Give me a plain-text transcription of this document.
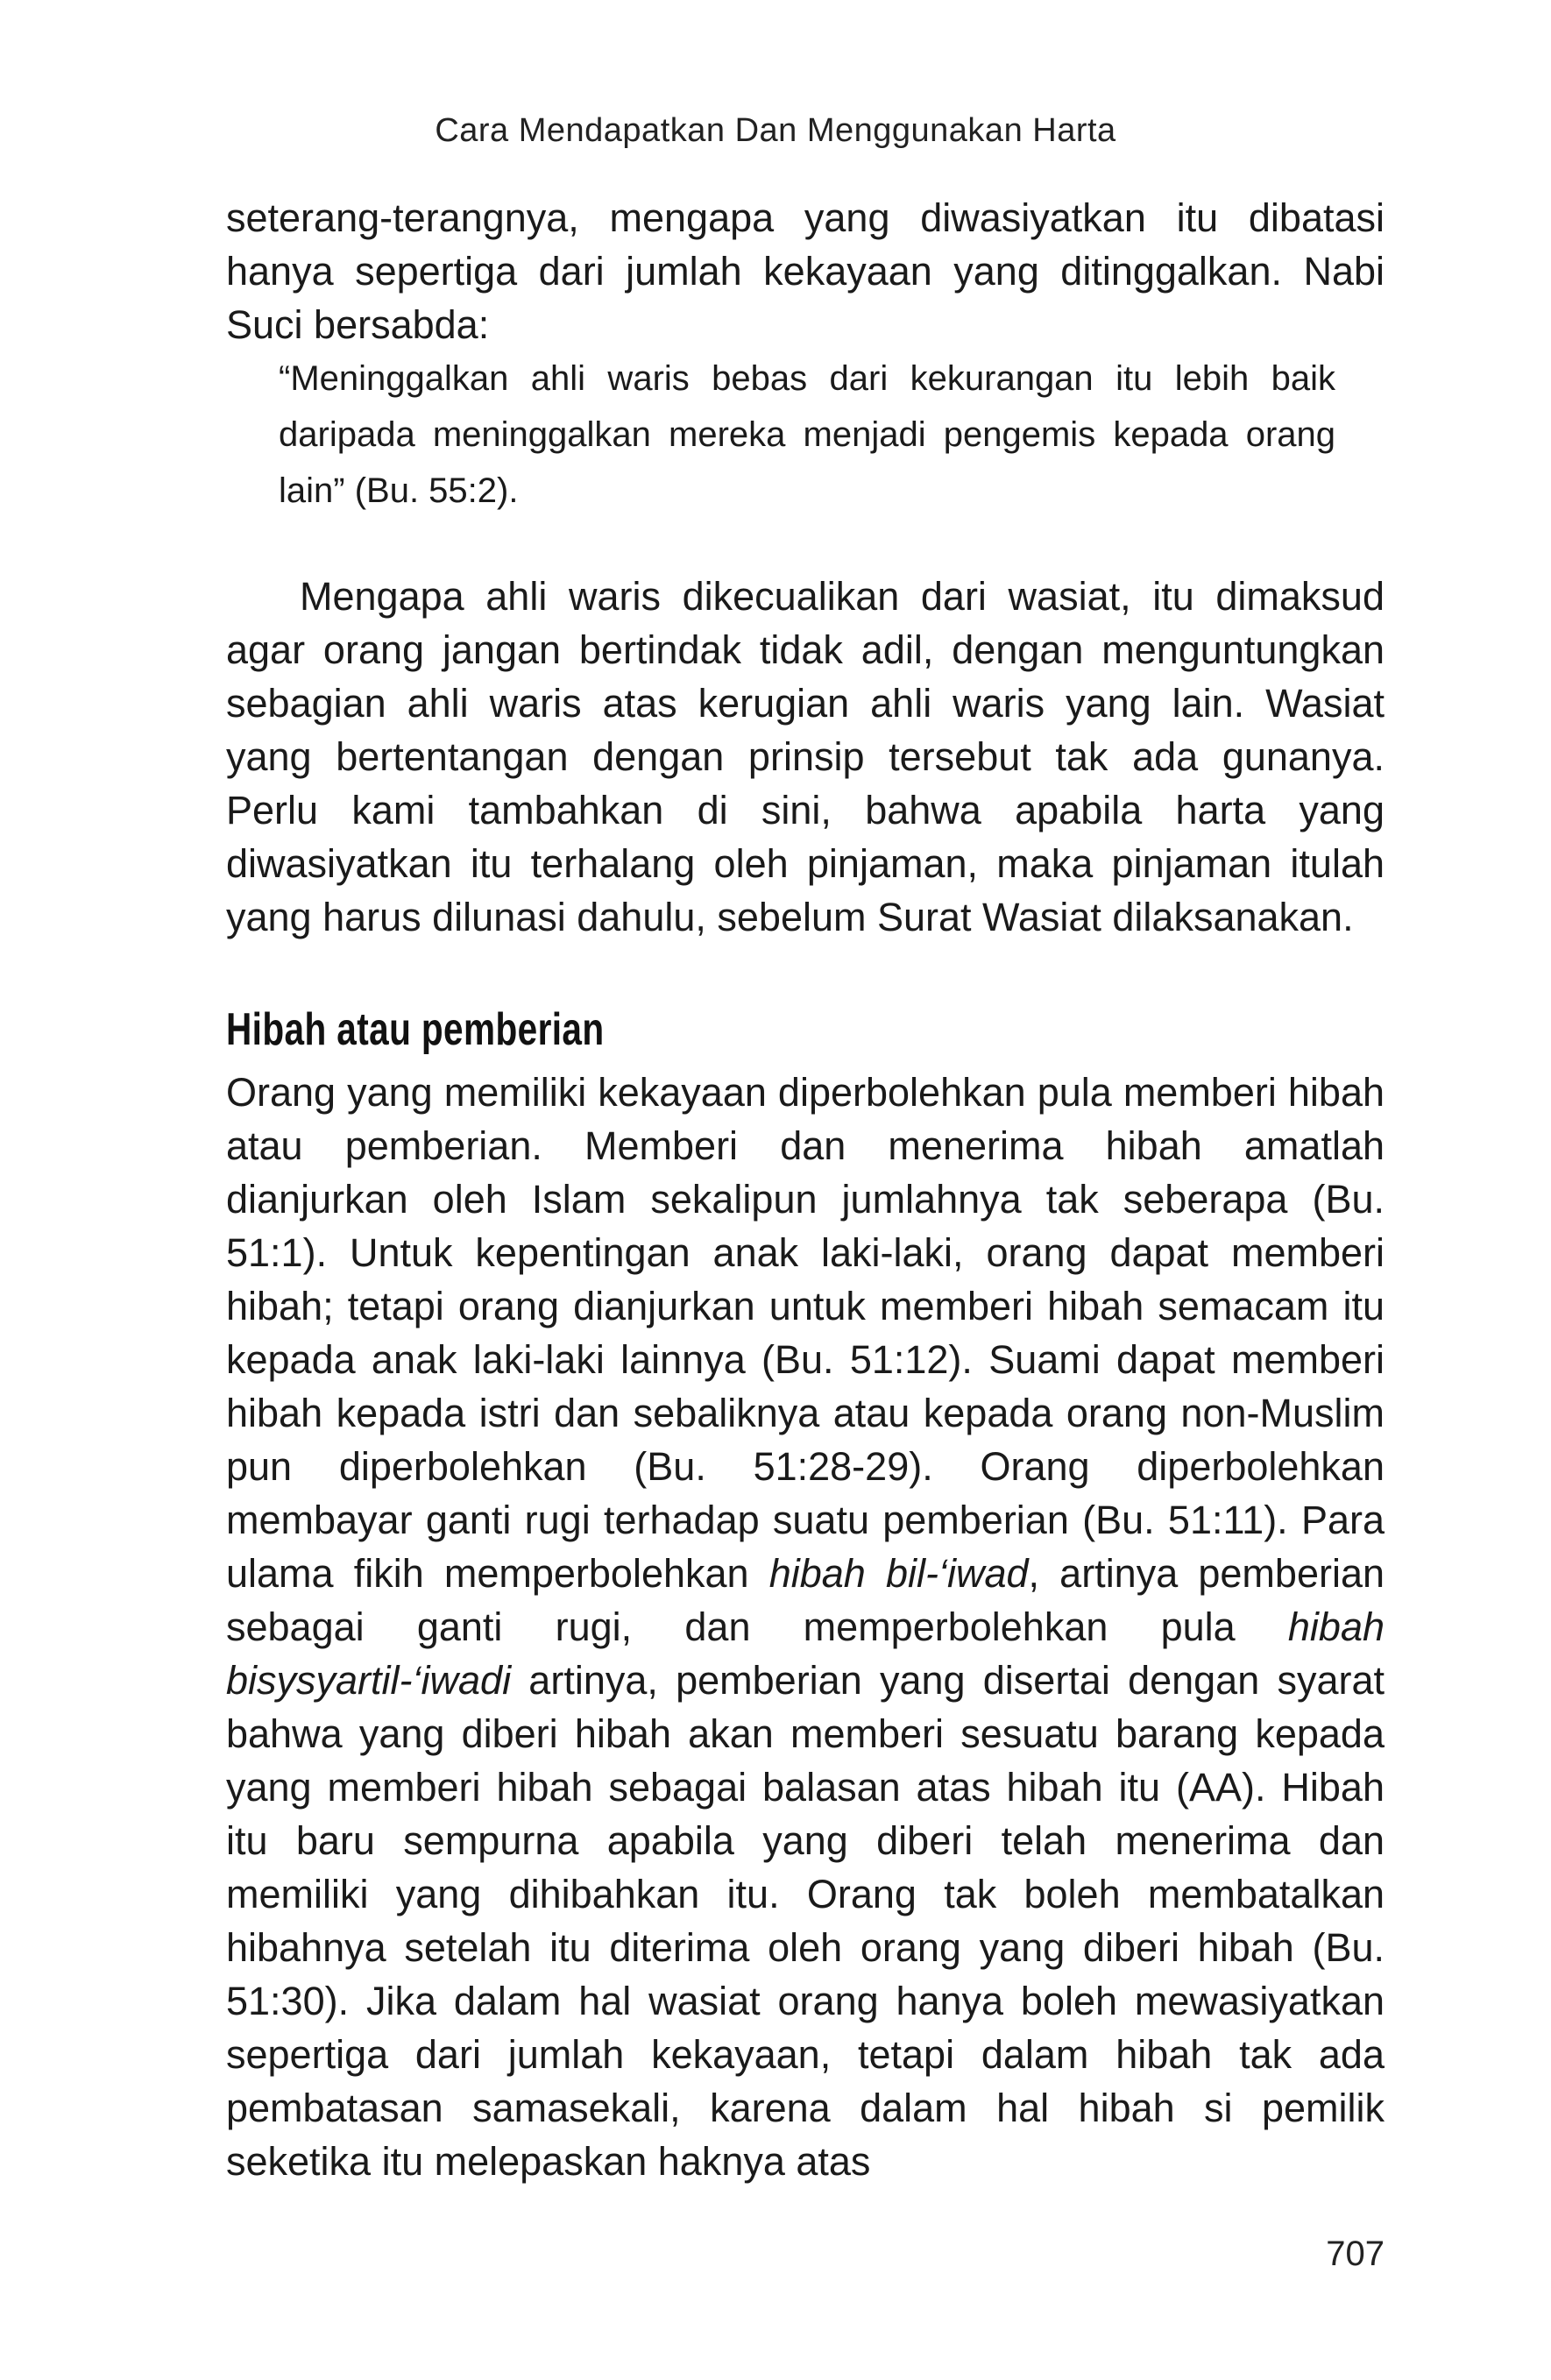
Cara Mendapatkan Dan Menggunakan Harta

seterang-terangnya, mengapa yang diwasiyatkan itu dibatasi hanya sepertiga dari jumlah kekayaan yang ditinggalkan. Nabi Suci bersabda:

“Meninggalkan ahli waris bebas dari kekurangan itu lebih baik daripada meninggalkan mereka menjadi pengemis kepada orang lain” (Bu. 55:2).

Mengapa ahli waris dikecualikan dari wasiat, itu dimaksud agar orang jangan bertindak tidak adil, dengan menguntungkan sebagian ahli waris atas kerugian ahli waris yang lain. Wasiat yang bertentangan dengan prinsip tersebut tak ada gunanya. Perlu kami tambahkan di sini, bahwa apabila harta yang diwasiyatkan itu terhalang oleh pinjaman, maka pinjaman itulah yang harus dilunasi dahulu, sebelum Surat Wasiat dilaksanakan.

Hibah atau pemberian

Orang yang memiliki kekayaan diperbolehkan pula memberi hibah atau pemberian. Memberi dan menerima hibah amatlah dianjurkan oleh Islam sekalipun jumlahnya tak seberapa (Bu. 51:1). Untuk kepentingan anak laki-laki, orang dapat memberi hibah; tetapi orang dianjurkan untuk memberi hibah semacam itu kepada anak laki-laki lainnya (Bu. 51:12). Suami dapat memberi hibah kepada istri dan sebaliknya atau kepada orang non-Muslim pun diperbolehkan (Bu. 51:28-29). Orang diperbolehkan membayar ganti rugi terhadap suatu pemberian (Bu. 51:11). Para ulama fikih memperbolehkan hibah bil-‘iwad, artinya pemberian sebagai ganti rugi, dan memperbolehkan pula hibah bisysyartil-‘iwadi artinya, pemberian yang disertai dengan syarat bahwa yang diberi hibah akan memberi sesuatu barang kepada yang memberi hibah sebagai balasan atas hibah itu (AA). Hibah itu baru sempurna apabila yang diberi telah menerima dan memiliki yang dihibahkan itu. Orang tak boleh membatalkan hibahnya setelah itu diterima oleh orang yang diberi hibah (Bu. 51:30). Jika dalam hal wasiat orang hanya boleh mewasiyatkan sepertiga dari jumlah kekayaan, tetapi dalam hibah tak ada pembatasan samasekali, karena dalam hal hibah si pemilik seketika itu melepaskan haknya atas

707
